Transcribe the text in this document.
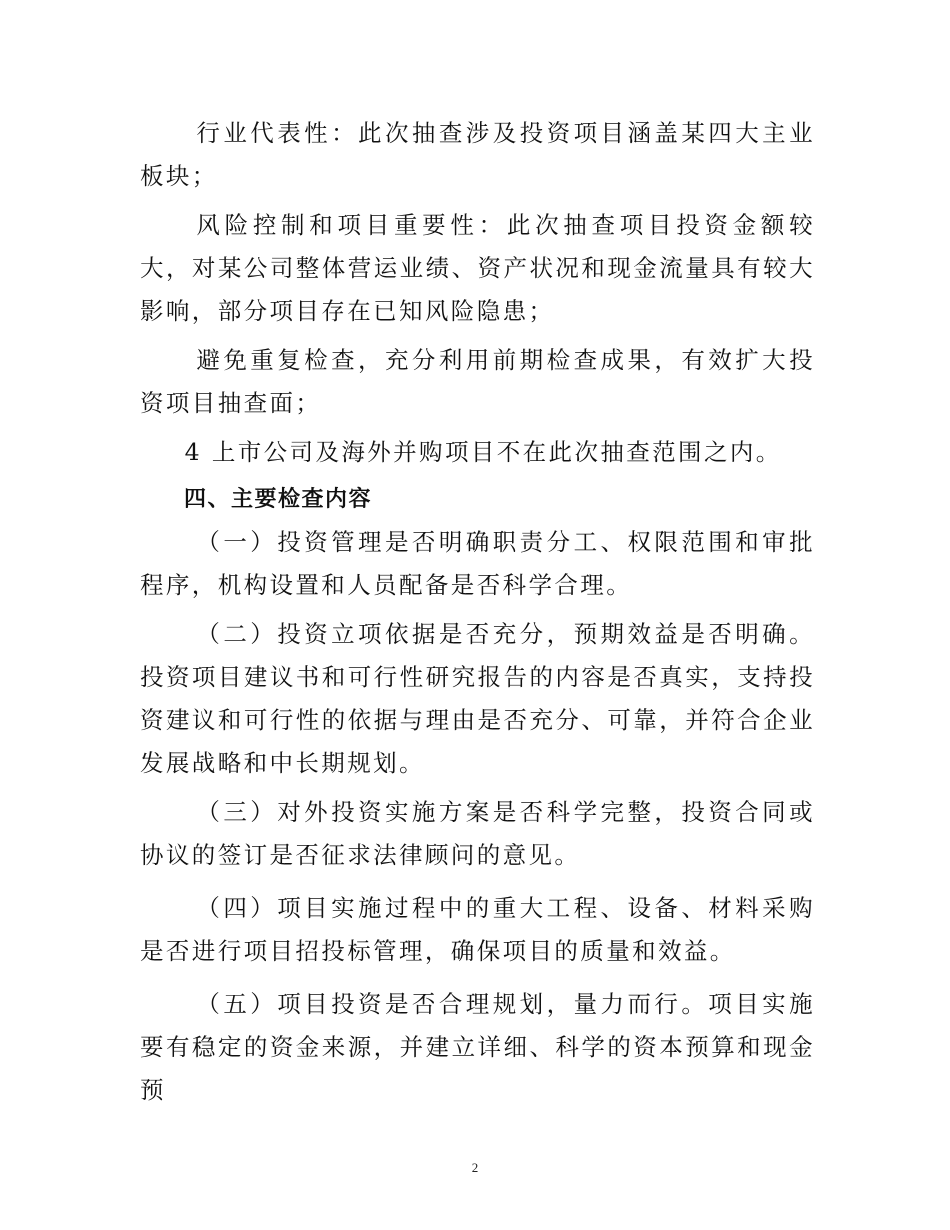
行业代表性：此次抽查涉及投资项目涵盖某四大主业板块；

风险控制和项目重要性：此次抽查项目投资金额较大，对某公司整体营运业绩、资产状况和现金流量具有较大影响，部分项目存在已知风险隐患；

避免重复检查，充分利用前期检查成果，有效扩大投资项目抽查面；

4 上市公司及海外并购项目不在此次抽查范围之内。

四、主要检查内容

（一）投资管理是否明确职责分工、权限范围和审批程序，机构设置和人员配备是否科学合理。

（二）投资立项依据是否充分，预期效益是否明确。投资项目建议书和可行性研究报告的内容是否真实，支持投资建议和可行性的依据与理由是否充分、可靠，并符合企业发展战略和中长期规划。

（三）对外投资实施方案是否科学完整，投资合同或协议的签订是否征求法律顾问的意见。

（四）项目实施过程中的重大工程、设备、材料采购是否进行项目招投标管理，确保项目的质量和效益。

（五）项目投资是否合理规划，量力而行。项目实施要有稳定的资金来源，并建立详细、科学的资本预算和现金预

2
